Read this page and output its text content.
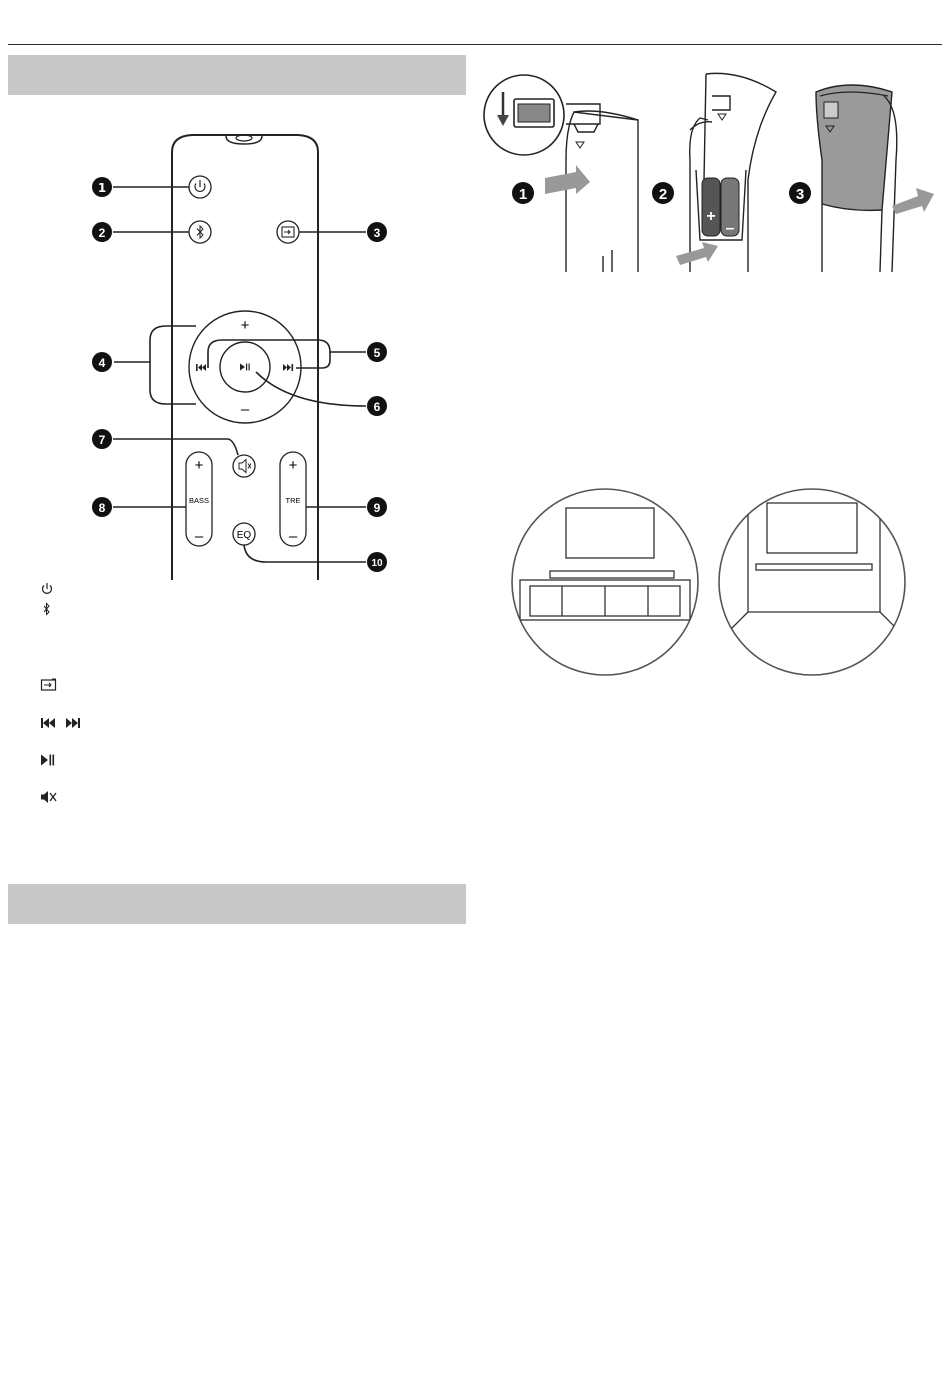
+
–
+
BASS
–
+
TRE
–
EQ
1
2	3
4
5
6
7
8	9
10
1
+
–
2	3
